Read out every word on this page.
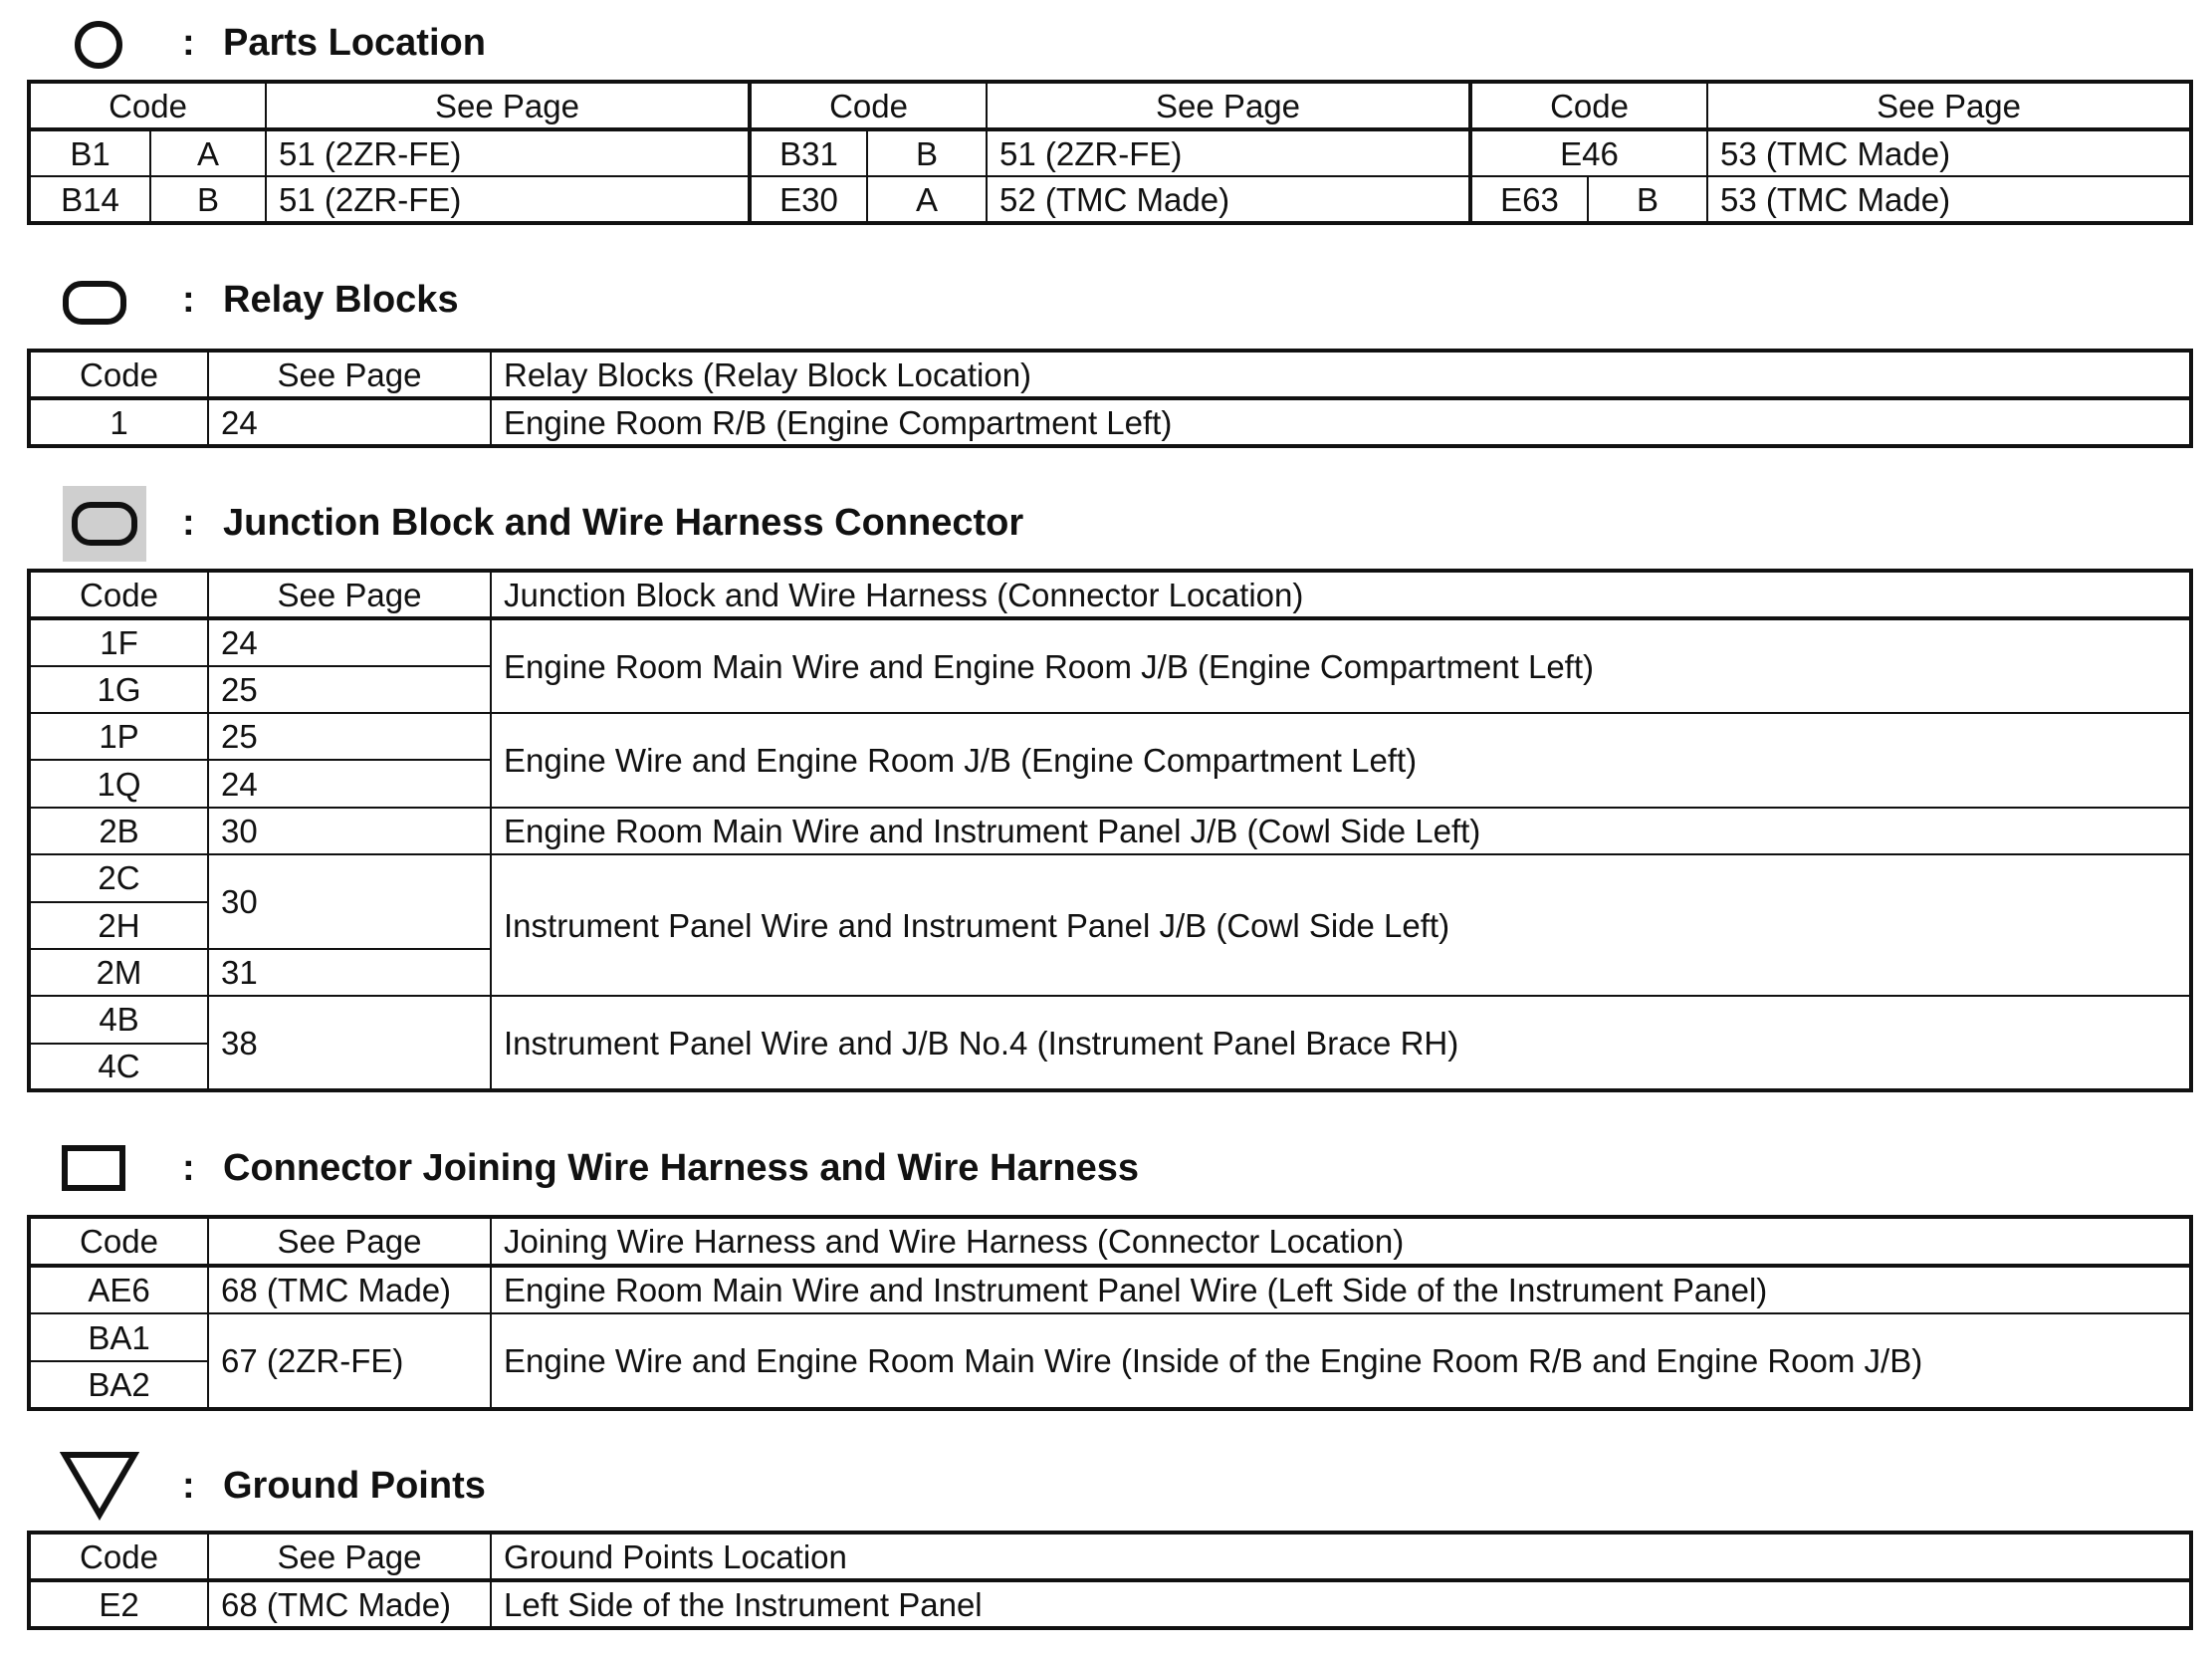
: Parts Location
Code		See Page	Code		See Page	Code		See Page
B1	A	51 (2ZR-FE)	B31	B	51 (2ZR-FE)	E46		53 (TMC Made)
B14	B	51 (2ZR-FE)	E30	A	52 (TMC Made)	E63	B	53 (TMC Made)
: Relay Blocks
Code	See Page	Relay Blocks (Relay Block Location)
1	24	Engine Room R/B (Engine Compartment Left)
: Junction Block and Wire Harness Connector
Code	See Page	Junction Block and Wire Harness (Connector Location)
1F	24	Engine Room Main Wire and Engine Room J/B (Engine Compartment Left)
1G	25	
1P	25	Engine Wire and Engine Room J/B (Engine Compartment Left)
1Q	24	
2B	30	Engine Room Main Wire and Instrument Panel J/B (Cowl Side Left)
2C	30	Instrument Panel Wire and Instrument Panel J/B (Cowl Side Left)
2H		
2M	31	
4B	38	Instrument Panel Wire and J/B No.4 (Instrument Panel Brace RH)
4C		
: Connector Joining Wire Harness and Wire Harness
Code	See Page	Joining Wire Harness and Wire Harness (Connector Location)
AE6	68 (TMC Made)	Engine Room Main Wire and Instrument Panel Wire (Left Side of the Instrument Panel)
BA1	67 (2ZR-FE)	Engine Wire and Engine Room Main Wire (Inside of the Engine Room R/B and Engine Room J/B)
BA2		
: Ground Points
Code	See Page	Ground Points Location
E2	68 (TMC Made)	Left Side of the Instrument Panel
